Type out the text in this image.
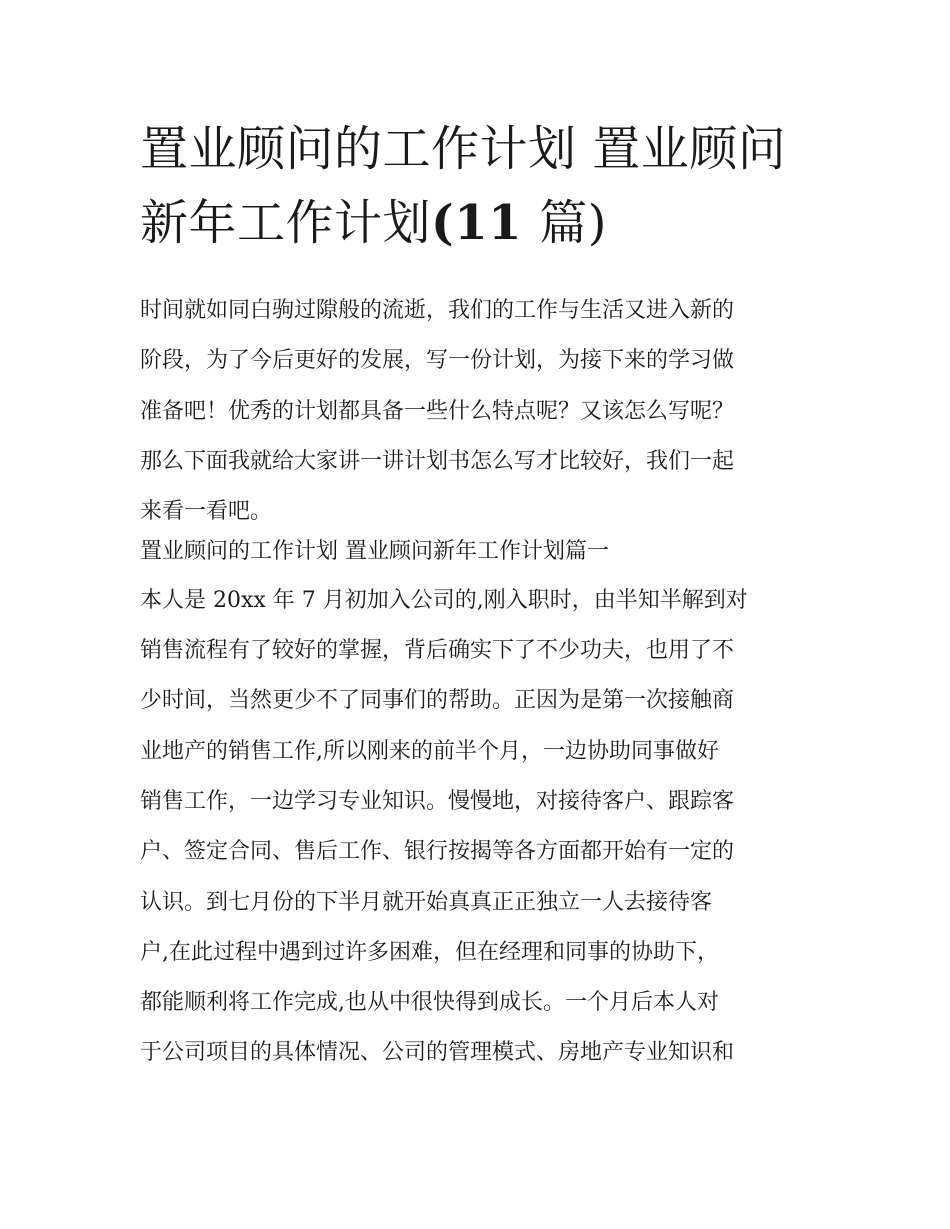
置业顾问的工作计划 置业顾问
新年工作计划(11 篇)
时间就如同白驹过隙般的流逝，我们的工作与生活又进入新的
阶段，为了今后更好的发展，写一份计划，为接下来的学习做
准备吧！优秀的计划都具备一些什么特点呢？又该怎么写呢？
那么下面我就给大家讲一讲计划书怎么写才比较好，我们一起
来看一看吧。
置业顾问的工作计划 置业顾问新年工作计划篇一
本人是 20xx 年 7 月初加入公司的,刚入职时，由半知半解到对
销售流程有了较好的掌握，背后确实下了不少功夫，也用了不
少时间，当然更少不了同事们的帮助。正因为是第一次接触商
业地产的销售工作,所以刚来的前半个月，一边协助同事做好
销售工作，一边学习专业知识。慢慢地，对接待客户、跟踪客
户、签定合同、售后工作、银行按揭等各方面都开始有一定的
认识。到七月份的下半月就开始真真正正独立一人去接待客
户,在此过程中遇到过许多困难，但在经理和同事的协助下，
都能顺利将工作完成,也从中很快得到成长。一个月后本人对
于公司项目的具体情况、公司的管理模式、房地产专业知识和
